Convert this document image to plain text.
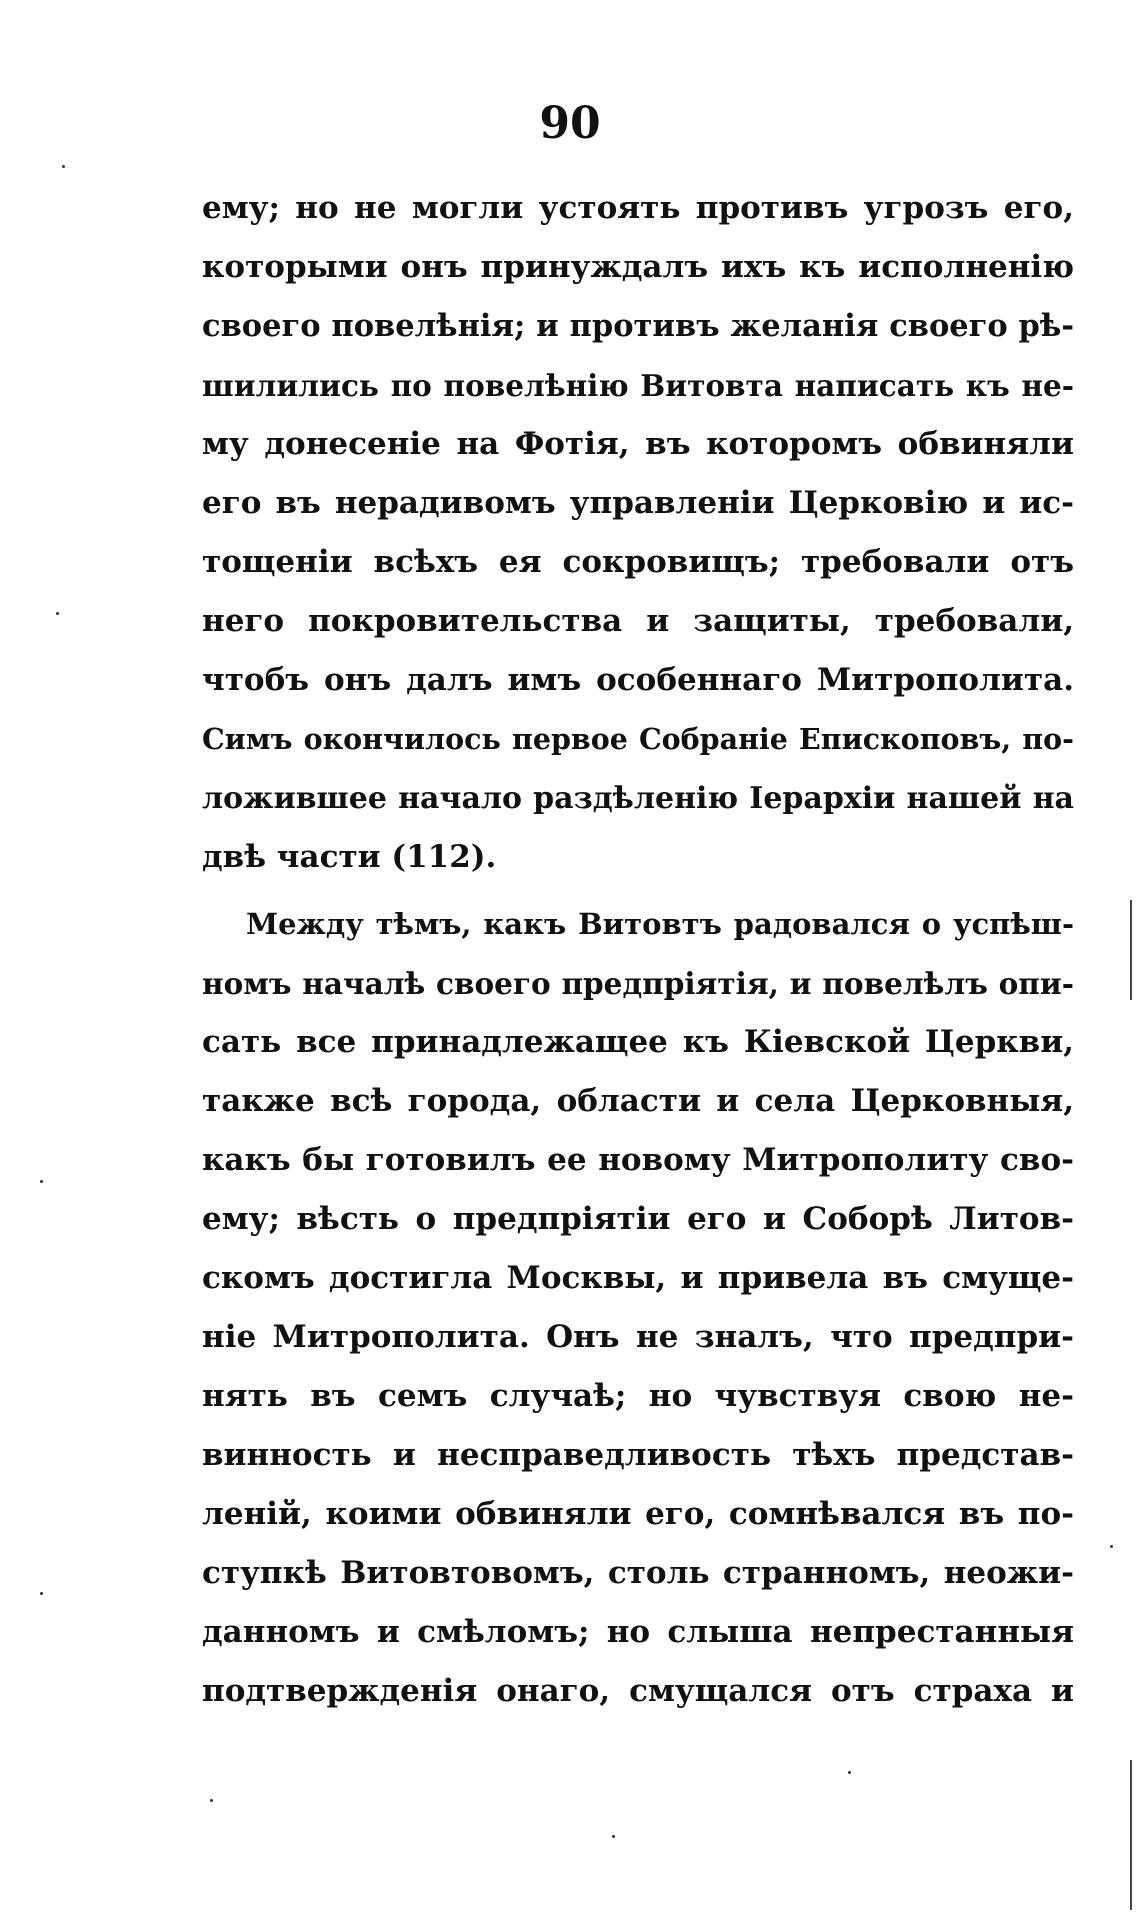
90
ему; но не могли устоять противъ угрозъ его,
которыми онъ принуждалъ ихъ къ исполненію
своего повелѣнія; и противъ желанія своего рѣ-
шилились по повелѣнію Витовта написать къ не-
му донесеніе на Фотія, въ которомъ обвиняли
его въ нерадивомъ управленіи Церковію и ис-
тощеніи всѣхъ ея сокровищъ; требовали отъ
него покровительства и защиты, требовали,
чтобъ онъ далъ имъ особеннаго Митрополита.
Симъ окончилось первое Собраніе Епископовъ, по-
ложившее начало раздѣленію Іерархіи нашей на
двѣ части (112).
Между тѣмъ, какъ Витовтъ радовался о успѣш-
номъ началѣ своего предпріятія, и повелѣлъ опи-
сать все принадлежащее къ Кіевской Церкви,
также всѣ города, области и села Церковныя,
какъ бы готовилъ ее новому Митрополиту сво-
ему; вѣсть о предпріятіи его и Соборѣ Литов-
скомъ достигла Москвы, и привела въ смуще-
ніе Митрополита. Онъ не зналъ, что предпри-
нять въ семъ случаѣ; но чувствуя свою не-
винность и несправедливость тѣхъ представ-
леній, коими обвиняли его, сомнѣвался въ по-
ступкѣ Витовтовомъ, столь странномъ, неожи-
данномъ и смѣломъ; но слыша непрестанныя
подтвержденія онаго, смущался отъ страха и
